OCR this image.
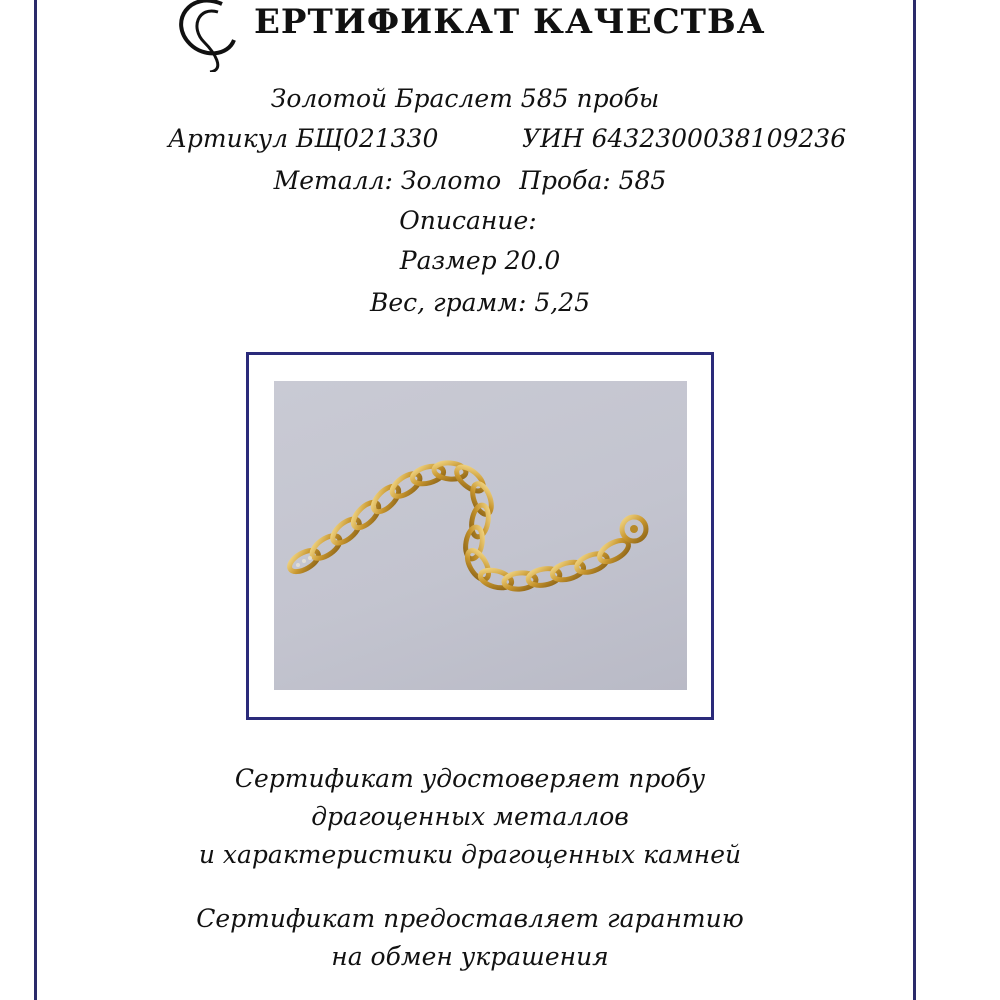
ЕРТИФИКАТ КАЧЕСТВА
Золотой Браслет 585 пробы
Артикул БЩ021330	УИН 6432300038109236
Металл: Золото Проба: 585
Описание:
Размер 20.0
Вес, грамм: 5,25
Сертификат удостоверяет пробу
драгоценных металлов
и характеристики драгоценных камней
Сертификат предоставляет гарантию
на обмен украшения
